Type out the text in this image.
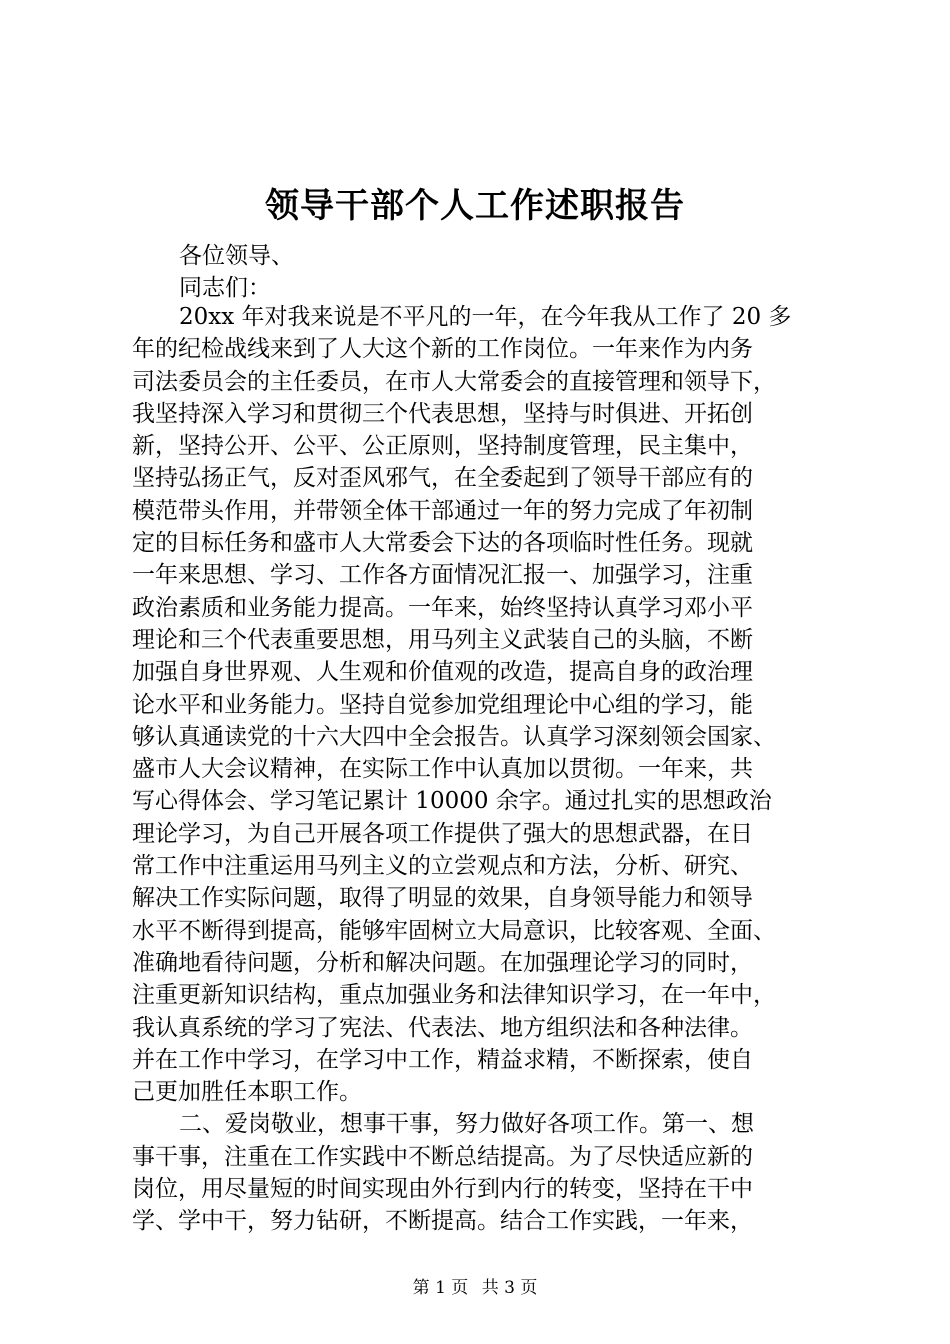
领导干部个人工作述职报告
各位领导、
同志们：
20xx 年对我来说是不平凡的一年，在今年我从工作了 20 多
年的纪检战线来到了人大这个新的工作岗位。一年来作为内务
司法委员会的主任委员，在市人大常委会的直接管理和领导下，
我坚持深入学习和贯彻三个代表思想，坚持与时俱进、开拓创
新，坚持公开、公平、公正原则，坚持制度管理，民主集中，
坚持弘扬正气，反对歪风邪气，在全委起到了领导干部应有的
模范带头作用，并带领全体干部通过一年的努力完成了年初制
定的目标任务和盛市人大常委会下达的各项临时性任务。现就
一年来思想、学习、工作各方面情况汇报一、加强学习，注重
政治素质和业务能力提高。一年来，始终坚持认真学习邓小平
理论和三个代表重要思想，用马列主义武装自己的头脑，不断
加强自身世界观、人生观和价值观的改造，提高自身的政治理
论水平和业务能力。坚持自觉参加党组理论中心组的学习，能
够认真通读党的十六大四中全会报告。认真学习深刻领会国家、
盛市人大会议精神，在实际工作中认真加以贯彻。一年来，共
写心得体会、学习笔记累计 10000 余字。通过扎实的思想政治
理论学习，为自己开展各项工作提供了强大的思想武器，在日
常工作中注重运用马列主义的立尝观点和方法，分析、研究、
解决工作实际问题，取得了明显的效果，自身领导能力和领导
水平不断得到提高，能够牢固树立大局意识，比较客观、全面、
准确地看待问题，分析和解决问题。在加强理论学习的同时，
注重更新知识结构，重点加强业务和法律知识学习，在一年中，
我认真系统的学习了宪法、代表法、地方组织法和各种法律。
并在工作中学习，在学习中工作，精益求精，不断探索，使自
己更加胜任本职工作。
二、爱岗敬业，想事干事，努力做好各项工作。第一、想
事干事，注重在工作实践中不断总结提高。为了尽快适应新的
岗位，用尽量短的时间实现由外行到内行的转变，坚持在干中
学、学中干，努力钻研，不断提高。结合工作实践，一年来，
第 1 页 共 3 页
